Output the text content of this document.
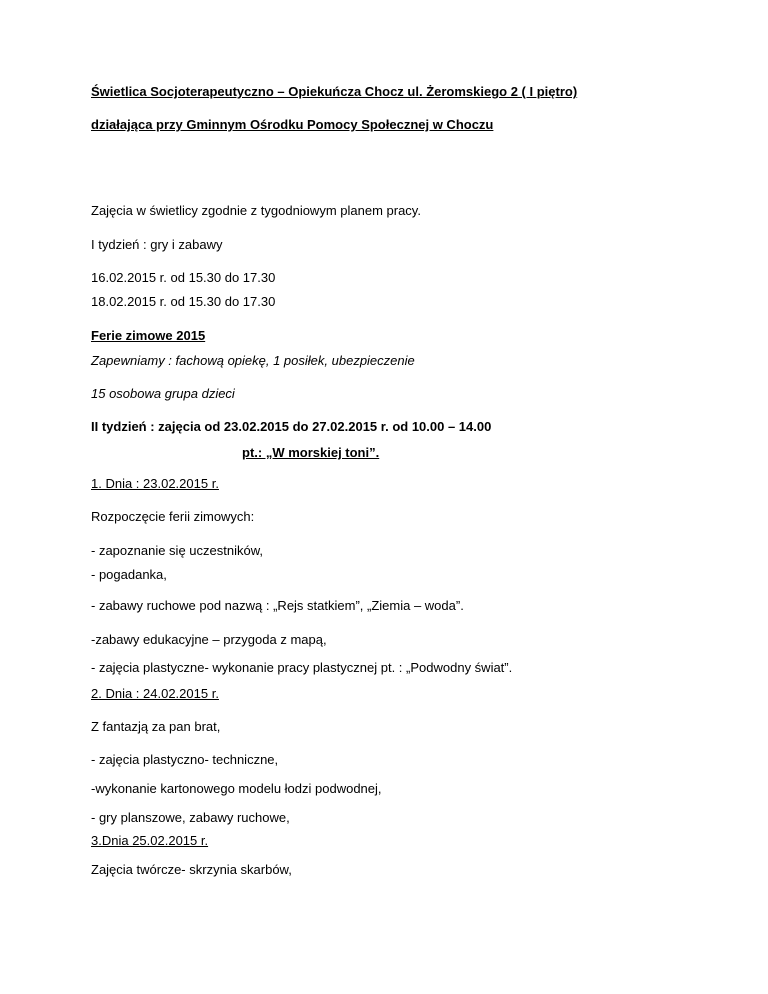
Świetlica Socjoterapeutyczno – Opiekuńcza Chocz ul. Żeromskiego 2 ( I piętro)
działająca przy Gminnym Ośrodku Pomocy Społecznej w Choczu
Zajęcia w świetlicy zgodnie z tygodniowym planem pracy.
I tydzień : gry i zabawy
16.02.2015 r. od 15.30 do 17.30
18.02.2015 r. od 15.30 do 17.30
Ferie zimowe 2015
Zapewniamy : fachową opiekę, 1 posiłek, ubezpieczenie
15 osobowa grupa dzieci
II tydzień : zajęcia od 23.02.2015 do 27.02.2015 r. od 10.00 – 14.00
pt.: „W morskiej toni”.
1. Dnia : 23.02.2015 r.
Rozpoczęcie ferii zimowych:
- zapoznanie się uczestników,
- pogadanka,
- zabawy ruchowe pod nazwą : „Rejs statkiem”, „Ziemia – woda”.
-zabawy edukacyjne – przygoda z mapą,
- zajęcia plastyczne- wykonanie pracy plastycznej pt. : „Podwodny świat”.
2. Dnia : 24.02.2015 r.
Z fantazją za pan brat,
- zajęcia plastyczno- techniczne,
-wykonanie kartonowego modelu łodzi podwodnej,
- gry planszowe, zabawy ruchowe,
3.Dnia 25.02.2015 r.
Zajęcia twórcze- skrzynia skarbów,
